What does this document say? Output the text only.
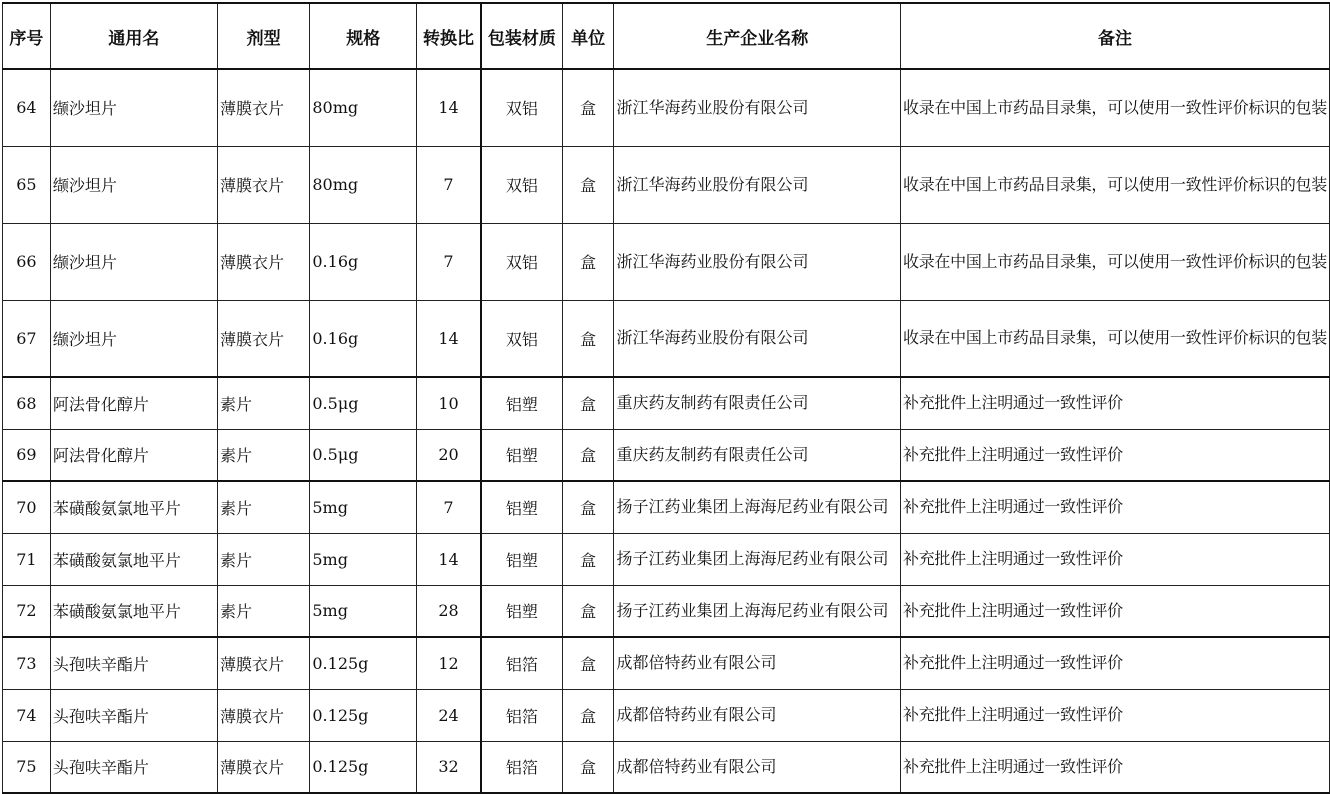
序号	通用名	剂型	规格	转换比	包装材质	单位	生产企业名称	备注
64	缬沙坦片	薄膜衣片	80mg	14	双铝	盒	浙江华海药业股份有限公司	收录在中国上市药品目录集，可以使用一致性评价标识的包装
65	缬沙坦片	薄膜衣片	80mg	7	双铝	盒	浙江华海药业股份有限公司	收录在中国上市药品目录集，可以使用一致性评价标识的包装
66	缬沙坦片	薄膜衣片	0.16g	7	双铝	盒	浙江华海药业股份有限公司	收录在中国上市药品目录集，可以使用一致性评价标识的包装
67	缬沙坦片	薄膜衣片	0.16g	14	双铝	盒	浙江华海药业股份有限公司	收录在中国上市药品目录集，可以使用一致性评价标识的包装
68	阿法骨化醇片	素片	0.5μg	10	铝塑	盒	重庆药友制药有限责任公司	补充批件上注明通过一致性评价
69	阿法骨化醇片	素片	0.5μg	20	铝塑	盒	重庆药友制药有限责任公司	补充批件上注明通过一致性评价
70	苯磺酸氨氯地平片	素片	5mg	7	铝塑	盒	扬子江药业集团上海海尼药业有限公司	补充批件上注明通过一致性评价
71	苯磺酸氨氯地平片	素片	5mg	14	铝塑	盒	扬子江药业集团上海海尼药业有限公司	补充批件上注明通过一致性评价
72	苯磺酸氨氯地平片	素片	5mg	28	铝塑	盒	扬子江药业集团上海海尼药业有限公司	补充批件上注明通过一致性评价
73	头孢呋辛酯片	薄膜衣片	0.125g	12	铝箔	盒	成都倍特药业有限公司	补充批件上注明通过一致性评价
74	头孢呋辛酯片	薄膜衣片	0.125g	24	铝箔	盒	成都倍特药业有限公司	补充批件上注明通过一致性评价
75	头孢呋辛酯片	薄膜衣片	0.125g	32	铝箔	盒	成都倍特药业有限公司	补充批件上注明通过一致性评价
